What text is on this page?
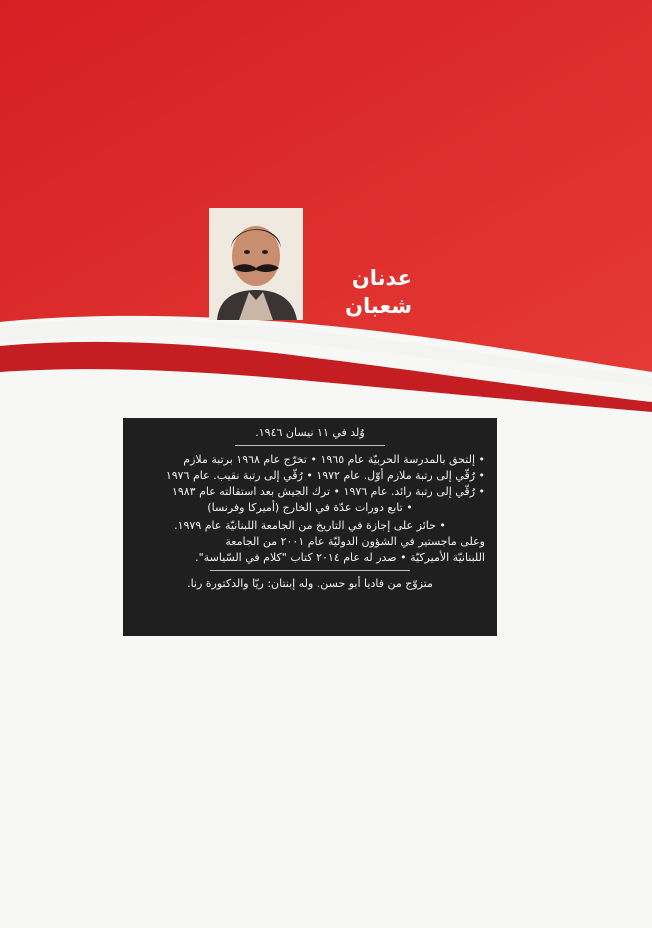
عدنان
شعبان
وُلد في ١١ نيسان ١٩٤٦.
• إلتحق بالمدرسة الحربيّة عام ١٩٦٥ • تخرّج عام ١٩٦٨ برتبة ملازم
• رُقّي إلى رتبة ملازم أوّل. عام ١٩٧٢ • رُقّي إلى رتبة نقيب. عام ١٩٧٦
• رُقّي إلى رتبة رائد. عام ١٩٧٦ • ترك الجيش بعد استقالته عام ١٩٨٣
• تابع دورات عدّة في الخارج (أميركا وفرنسا)
• حائز على إجازة في التاريخ من الجامعة اللبنانيّة عام ١٩٧٩.
وعلى ماجستير في الشؤون الدوليّة عام ٢٠٠١ من الجامعة
اللبنانيّة الأميركيّة • صدر له عام ٢٠١٤ كتاب "كلام في السّياسة".
متزوّج من فاديا أبو حسن. وله إبنتان: ريّا والدكتورة رنا.
